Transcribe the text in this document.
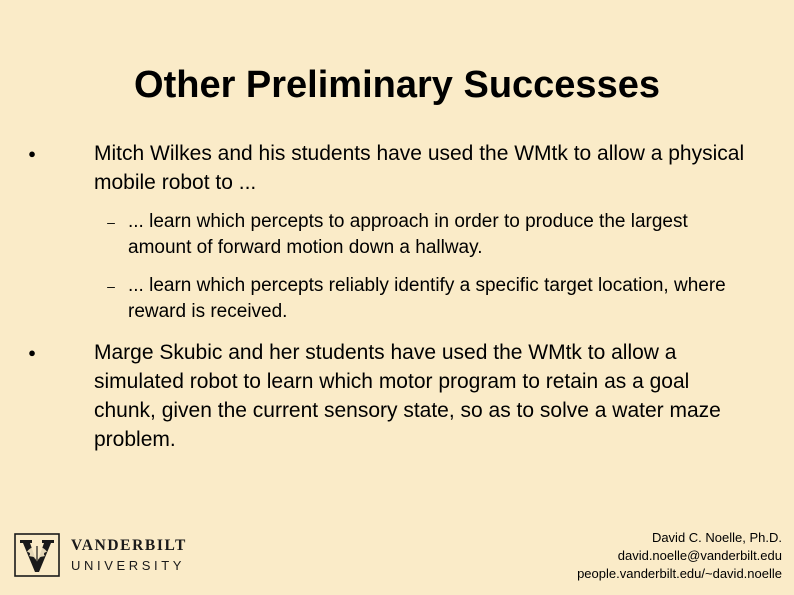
Other Preliminary Successes
●	Mitch Wilkes and his students have used the WMtk to allow a physical mobile robot to ...
– ... learn which percepts to approach in order to produce the largest amount of forward motion down a hallway.
– ... learn which percepts reliably identify a specific target location, where reward is received.
●	Marge Skubic and her students have used the WMtk to allow a simulated robot to learn which motor program to retain as a goal chunk, given the current sensory state, so as to solve a water maze problem.
VANDERBILT
UNIVERSITY
David C. Noelle, Ph.D.
david.noelle@vanderbilt.edu
people.vanderbilt.edu/~david.noelle
